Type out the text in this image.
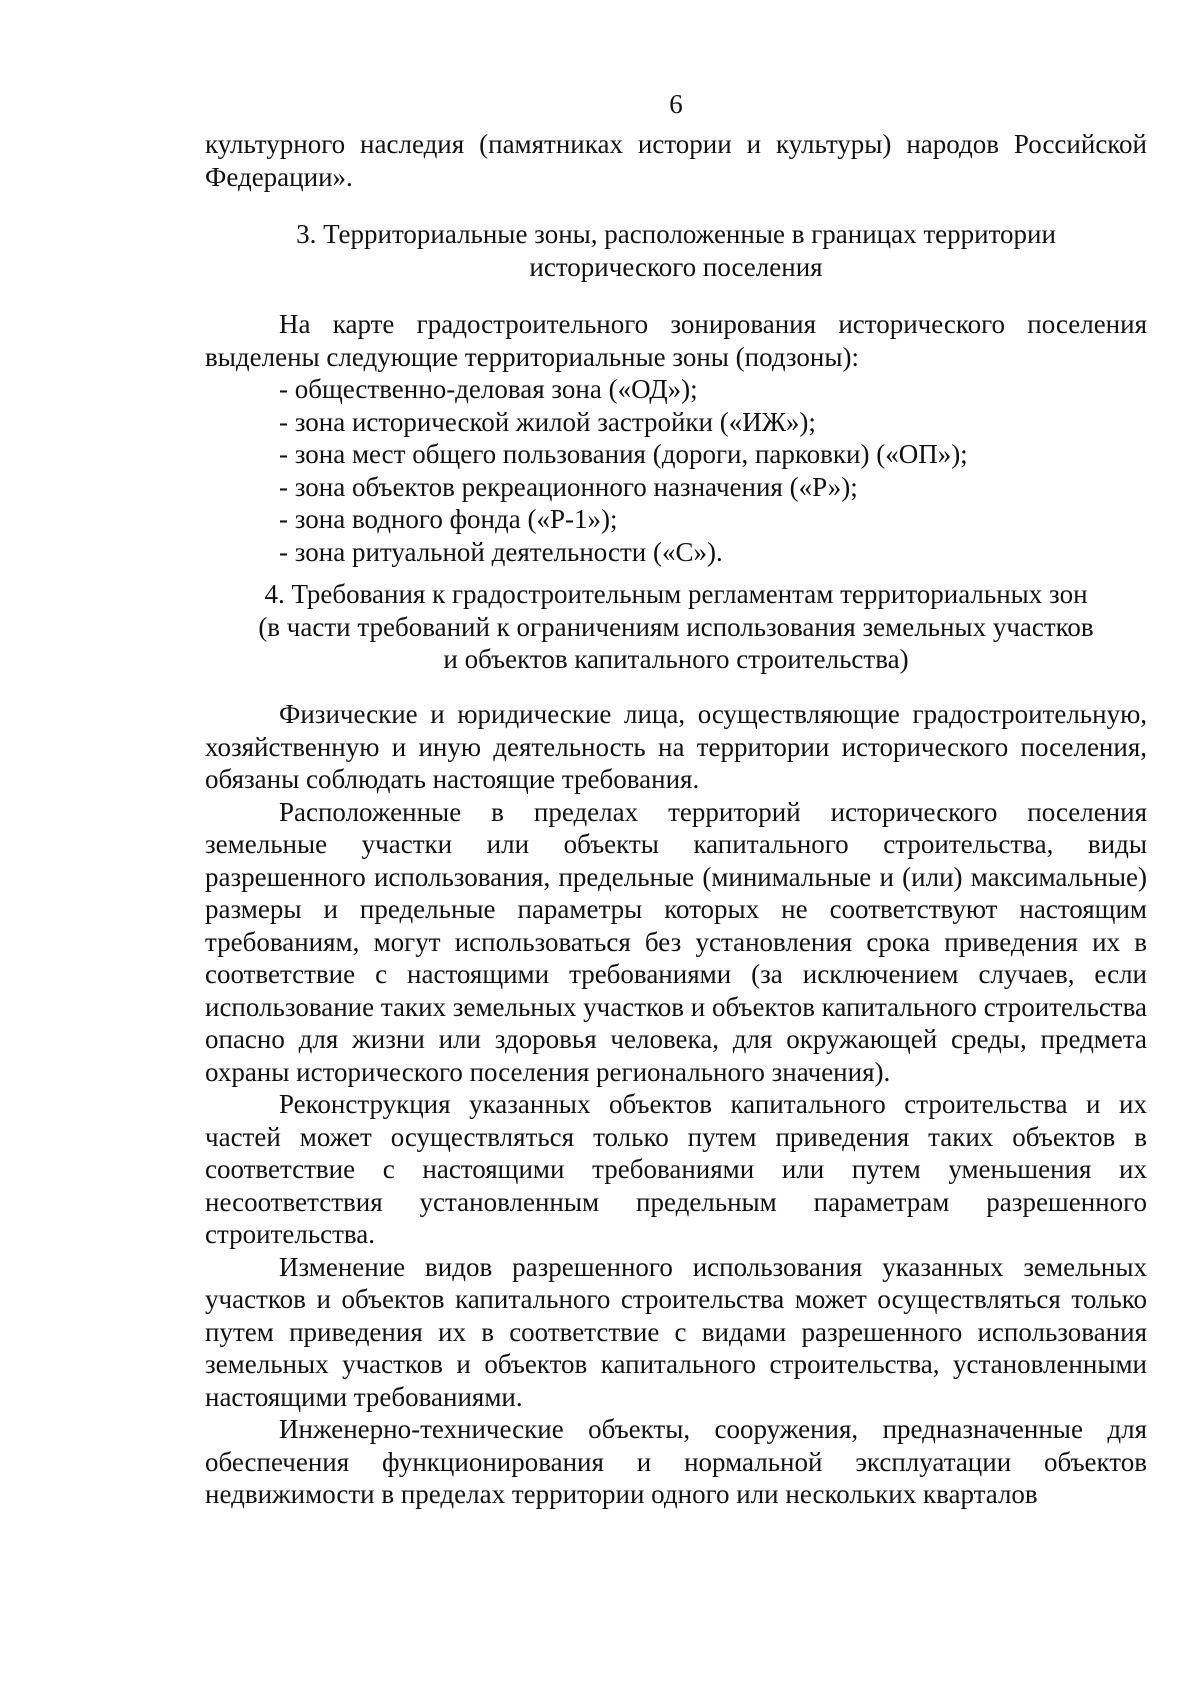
6

культурного наследия (памятниках истории и культуры) народов Российской Федерации».

3. Территориальные зоны, расположенные в границах территории
исторического поселения

На карте градостроительного зонирования исторического поселения выделены следующие территориальные зоны (подзоны):

- общественно-деловая зона («ОД»);
- зона исторической жилой застройки («ИЖ»);
- зона мест общего пользования (дороги, парковки) («ОП»);
- зона объектов рекреационного назначения («Р»);
- зона водного фонда («Р-1»);
- зона ритуальной деятельности («С»).
4. Требования к градостроительным регламентам территориальных зон
(в части требований к ограничениям использования земельных участков
и объектов капитального строительства)

Физические и юридические лица, осуществляющие градостроительную, хозяйственную и иную деятельность на территории исторического поселения, обязаны соблюдать настоящие требования.

Расположенные в пределах территорий исторического поселения земельные участки или объекты капитального строительства, виды разрешенного использования, предельные (минимальные и (или) максимальные) размеры и предельные параметры которых не соответствуют настоящим требованиям, могут использоваться без установления срока приведения их в соответствие с настоящими требованиями (за исключением случаев, если использование таких земельных участков и объектов капитального строительства опасно для жизни или здоровья человека, для окружающей среды, предмета охраны исторического поселения регионального значения).

Реконструкция указанных объектов капитального строительства и их частей может осуществляться только путем приведения таких объектов в соответствие с настоящими требованиями или путем уменьшения их несоответствия установленным предельным параметрам разрешенного строительства.

Изменение видов разрешенного использования указанных земельных участков и объектов капитального строительства может осуществляться только путем приведения их в соответствие с видами разрешенного использования земельных участков и объектов капитального строительства, установленными настоящими требованиями.

Инженерно-технические объекты, сооружения, предназначенные для обеспечения функционирования и нормальной эксплуатации объектов недвижимости в пределах территории одного или нескольких кварталов
